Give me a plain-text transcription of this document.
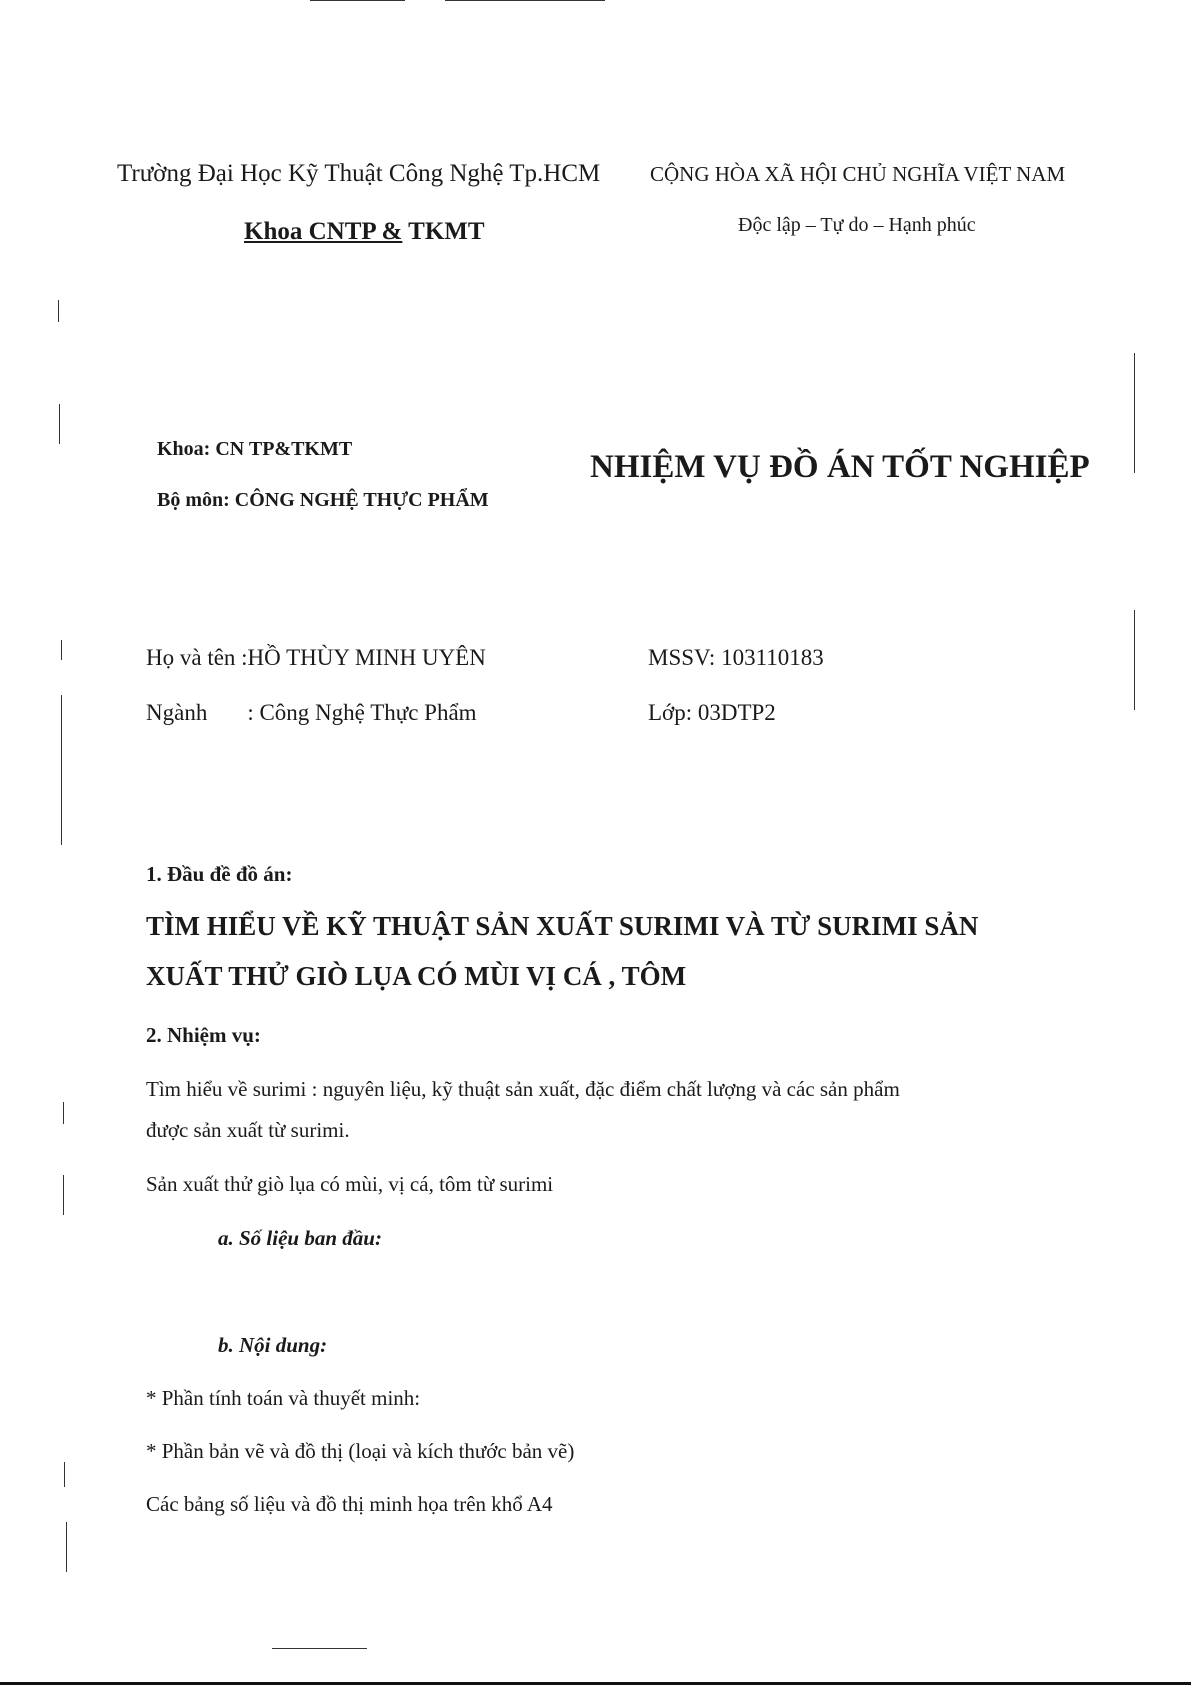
Trường Đại Học Kỹ Thuật Công Nghệ Tp.HCM
Khoa CNTP & TKMT
CỘNG HÒA XÃ HỘI CHỦ NGHĨA VIỆT NAM
Độc lập – Tự do – Hạnh phúc
Khoa: CN TP&TKMT
Bộ môn: CÔNG NGHỆ THỰC PHẨM
NHIỆM VỤ ĐỒ ÁN TỐT NGHIỆP
Họ và tên :HỒ THÙY MINH UYÊN
Ngành : Công Nghệ Thực Phẩm
MSSV: 103110183
Lớp: 03DTP2
1. Đầu đề đồ án:
TÌM HIỂU VỀ KỸ THUẬT SẢN XUẤT SURIMI VÀ TỪ SURIMI SẢN
XUẤT THỬ GIÒ LỤA CÓ MÙI VỊ CÁ , TÔM
2. Nhiệm vụ:
Tìm hiểu về surimi : nguyên liệu, kỹ thuật sản xuất, đặc điểm chất lượng và các sản phẩm
được sản xuất từ surimi.
Sản xuất thử giò lụa có mùi, vị cá, tôm từ surimi
a. Số liệu ban đầu:
b. Nội dung:
* Phần tính toán và thuyết minh:
* Phần bản vẽ và đồ thị (loại và kích thước bản vẽ)
Các bảng số liệu và đồ thị minh họa trên khổ A4
